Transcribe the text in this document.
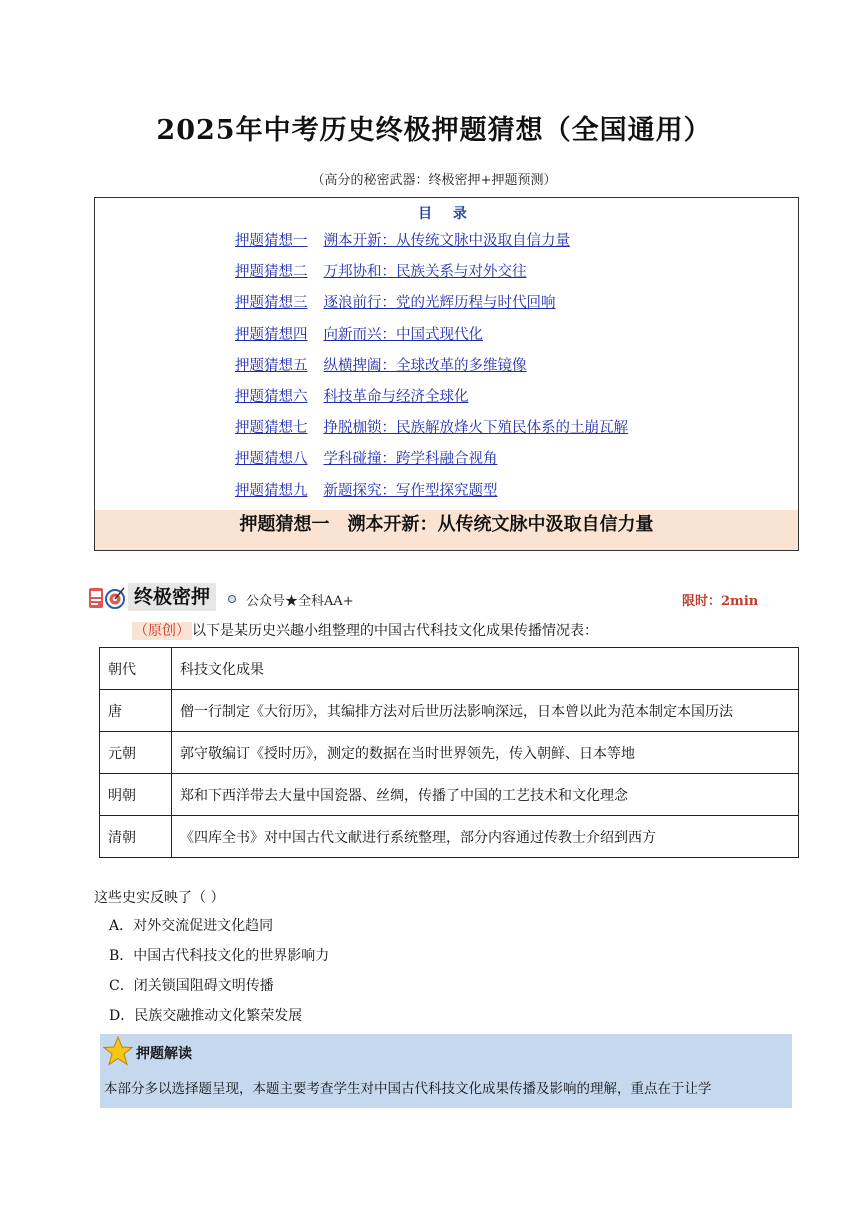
2025年中考历史终极押题猜想（全国通用）
（高分的秘密武器：终极密押+押题预测）
目 录
押题猜想一 溯本开新：从传统文脉中汲取自信力量
押题猜想二 万邦协和：民族关系与对外交往
押题猜想三 逐浪前行：党的光辉历程与时代回响
押题猜想四 向新而兴：中国式现代化
押题猜想五 纵横捭阖：全球改革的多维镜像
押题猜想六 科技革命与经济全球化
押题猜想七 挣脱枷锁：民族解放烽火下殖民体系的土崩瓦解
押题猜想八 学科碰撞：跨学科融合视角
押题猜想九 新题探究：写作型探究题型
押题猜想一 溯本开新：从传统文脉中汲取自信力量
终极密押	公众号★全科AA+	限时：2min
（原创） 以下是某历史兴趣小组整理的中国古代科技文化成果传播情况表：
朝代	科技文化成果
唐	僧一行制定《大衍历》，其编排方法对后世历法影响深远，日本曾以此为范本制定本国历法
元朝	郭守敬编订《授时历》，测定的数据在当时世界领先，传入朝鲜、日本等地
明朝	郑和下西洋带去大量中国瓷器、丝绸，传播了中国的工艺技术和文化理念
清朝	《四库全书》对中国古代文献进行系统整理，部分内容通过传教士介绍到西方
这些史实反映了（ ）
A．对外交流促进文化趋同
B．中国古代科技文化的世界影响力
C．闭关锁国阻碍文明传播
D．民族交融推动文化繁荣发展
押题解读
本部分多以选择题呈现，本题主要考查学生对中国古代科技文化成果传播及影响的理解，重点在于让学
